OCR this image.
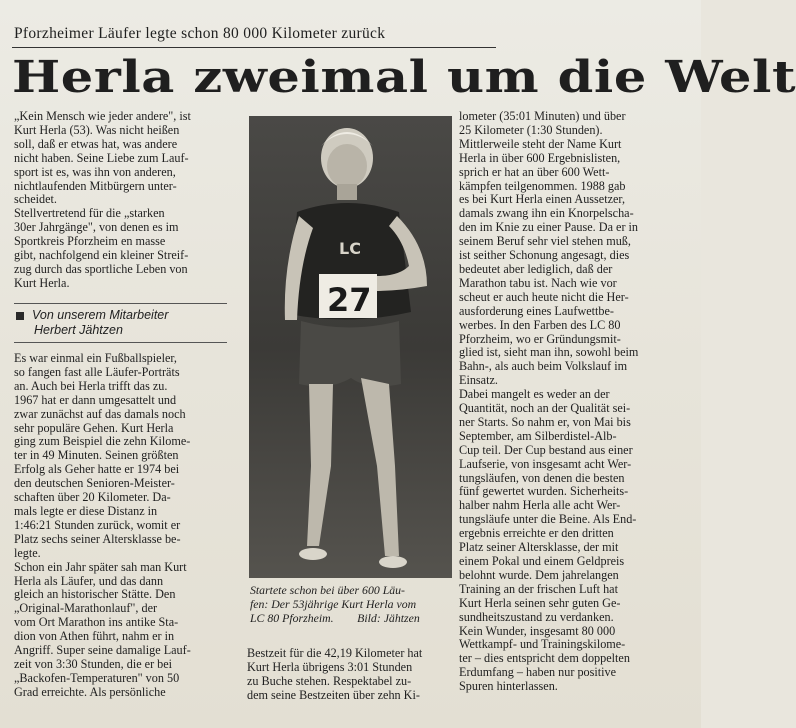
Pforzheimer Läufer legte schon 80 000 Kilometer zurück
Herla zweimal um die Welt
„Kein Mensch wie jeder andere", ist
Kurt Herla (53). Was nicht heißen
soll, daß er etwas hat, was andere
nicht haben. Seine Liebe zum Lauf-
sport ist es, was ihn von anderen,
nichtlaufenden Mitbürgern unter-
scheidet.
Stellvertretend für die „starken
30er Jahrgänge", von denen es im
Sportkreis Pforzheim en masse
gibt, nachfolgend ein kleiner Streif-
zug durch das sportliche Leben von
Kurt Herla.
Von unserem Mitarbeiter
Herbert Jähtzen
Es war einmal ein Fußballspieler,
so fangen fast alle Läufer-Porträts
an. Auch bei Herla trifft das zu.
1967 hat er dann umgesattelt und
zwar zunächst auf das damals noch
sehr populäre Gehen. Kurt Herla
ging zum Beispiel die zehn Kilome-
ter in 49 Minuten. Seinen größten
Erfolg als Geher hatte er 1974 bei
den deutschen Senioren-Meister-
schaften über 20 Kilometer. Da-
mals legte er diese Distanz in
1:46:21 Stunden zurück, womit er
Platz sechs seiner Altersklasse be-
legte.
Schon ein Jahr später sah man Kurt
Herla als Läufer, und das dann
gleich an historischer Stätte. Den
„Original-Marathonlauf", der
vom Ort Marathon ins antike Sta-
dion von Athen führt, nahm er in
Angriff. Super seine damalige Lauf-
zeit von 3:30 Stunden, die er bei
„Backofen-Temperaturen" von 50
Grad erreichte. Als persönliche
LC
27
Startete schon bei über 600 Läu-
fen: Der 53jährige Kurt Herla vom
LC 80 Pforzheim.        Bild: Jähtzen
Bestzeit für die 42,19 Kilometer hat
Kurt Herla übrigens 3:01 Stunden
zu Buche stehen. Respektabel zu-
dem seine Bestzeiten über zehn Ki-
lometer (35:01 Minuten) und über
25 Kilometer (1:30 Stunden).
Mittlerweile steht der Name Kurt
Herla in über 600 Ergebnislisten,
sprich er hat an über 600 Wett-
kämpfen teilgenommen. 1988 gab
es bei Kurt Herla einen Aussetzer,
damals zwang ihn ein Knorpelscha-
den im Knie zu einer Pause. Da er in
seinem Beruf sehr viel stehen muß,
ist seither Schonung angesagt, dies
bedeutet aber lediglich, daß der
Marathon tabu ist. Nach wie vor
scheut er auch heute nicht die Her-
ausforderung eines Laufwettbe-
werbes. In den Farben des LC 80
Pforzheim, wo er Gründungsmit-
glied ist, sieht man ihn, sowohl beim
Bahn-, als auch beim Volkslauf im
Einsatz.
Dabei mangelt es weder an der
Quantität, noch an der Qualität sei-
ner Starts. So nahm er, von Mai bis
September, am Silberdistel-Alb-
Cup teil. Der Cup bestand aus einer
Laufserie, von insgesamt acht Wer-
tungsläufen, von denen die besten
fünf gewertet wurden. Sicherheits-
halber nahm Herla alle acht Wer-
tungsläufe unter die Beine. Als End-
ergebnis erreichte er den dritten
Platz seiner Altersklasse, der mit
einem Pokal und einem Geldpreis
belohnt wurde. Dem jahrelangen
Training an der frischen Luft hat
Kurt Herla seinen sehr guten Ge-
sundheitszustand zu verdanken.
Kein Wunder, insgesamt 80 000
Wettkampf- und Trainingskilome-
ter – dies entspricht dem doppelten
Erdumfang – haben nur positive
Spuren hinterlassen.
